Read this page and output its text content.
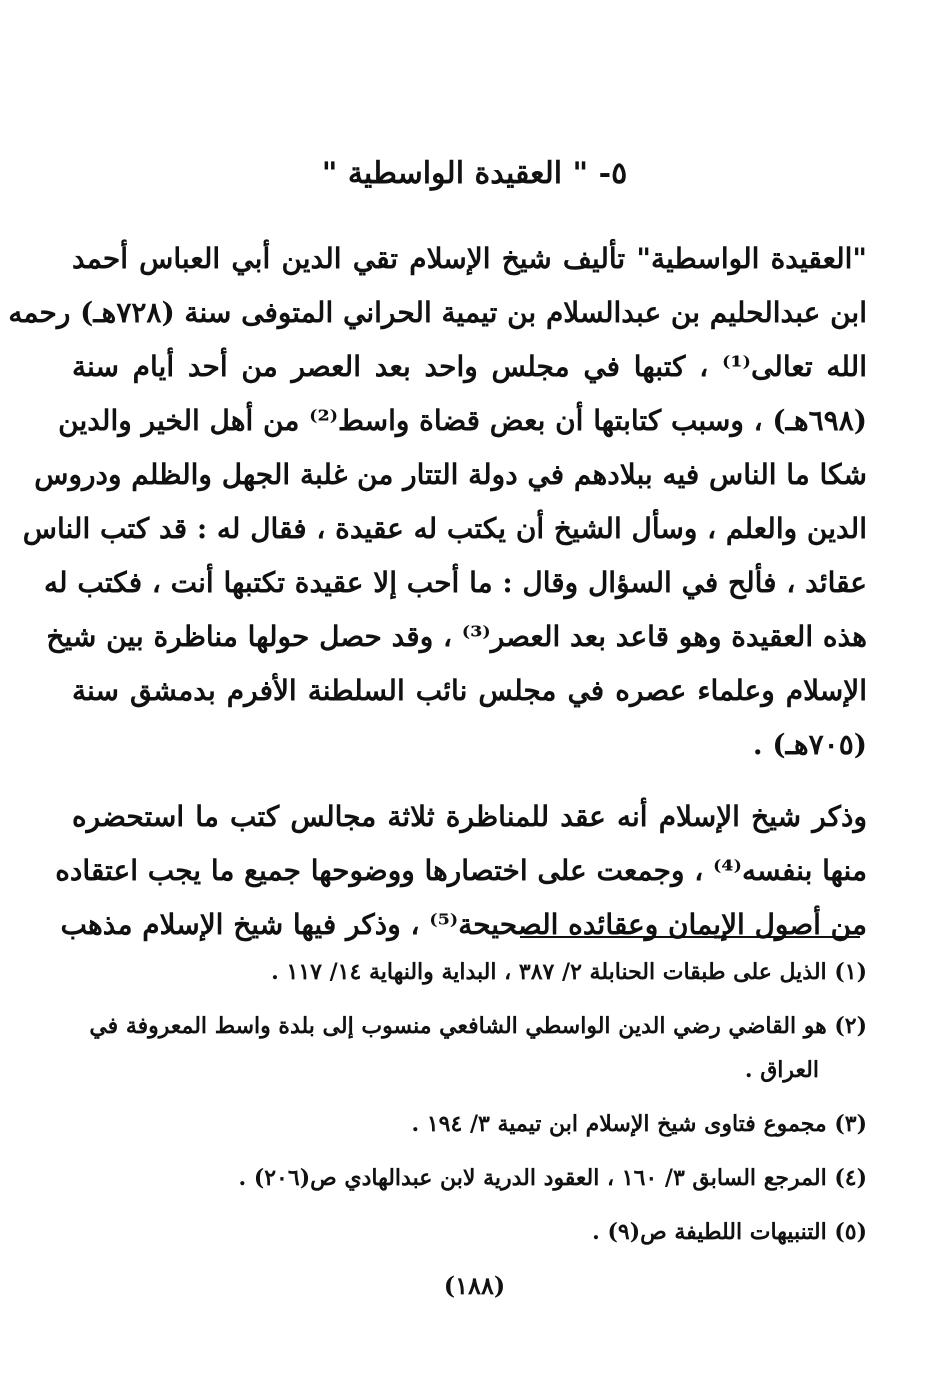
٥- " العقيدة الواسطية "
"العقيدة الواسطية" تأليف شيخ الإسلام تقي الدين أبي العباس أحمد
ابن عبدالحليم بن عبدالسلام بن تيمية الحراني المتوفى سنة (٧٢٨هـ) رحمه
الله تعالى⁽¹⁾ ، كتبها في مجلس واحد بعد العصر من أحد أيام سنة
(٦٩٨هـ) ، وسبب كتابتها أن بعض قضاة واسط⁽²⁾ من أهل الخير والدين
شكا ما الناس فيه ببلادهم في دولة التتار من غلبة الجهل والظلم ودروس
الدين والعلم ، وسأل الشيخ أن يكتب له عقيدة ، فقال له : قد كتب الناس
عقائد ، فألح في السؤال وقال : ما أحب إلا عقيدة تكتبها أنت ، فكتب له
هذه العقيدة وهو قاعد بعد العصر⁽³⁾ ، وقد حصل حولها مناظرة بين شيخ
الإسلام وعلماء عصره في مجلس نائب السلطنة الأفرم بدمشق سنة
(٧٠٥هـ) .
وذكر شيخ الإسلام أنه عقد للمناظرة ثلاثة مجالس كتب ما استحضره
منها بنفسه⁽⁴⁾ ، وجمعت على اختصارها ووضوحها جميع ما يجب اعتقاده
من أصول الإيمان وعقائده الصحيحة⁽⁵⁾ ، وذكر فيها شيخ الإسلام مذهب
(١) الذيل على طبقات الحنابلة ٢/ ٣٨٧ ، البداية والنهاية ١٤/ ١١٧ .
(٢) هو القاضي رضي الدين الواسطي الشافعي منسوب إلى بلدة واسط المعروفة في
العراق .
(٣) مجموع فتاوى شيخ الإسلام ابن تيمية ٣/ ١٩٤ .
(٤) المرجع السابق ٣/ ١٦٠ ، العقود الدرية لابن عبدالهادي ص(٢٠٦) .
(٥) التنبيهات اللطيفة ص(٩) .
(١٨٨)
